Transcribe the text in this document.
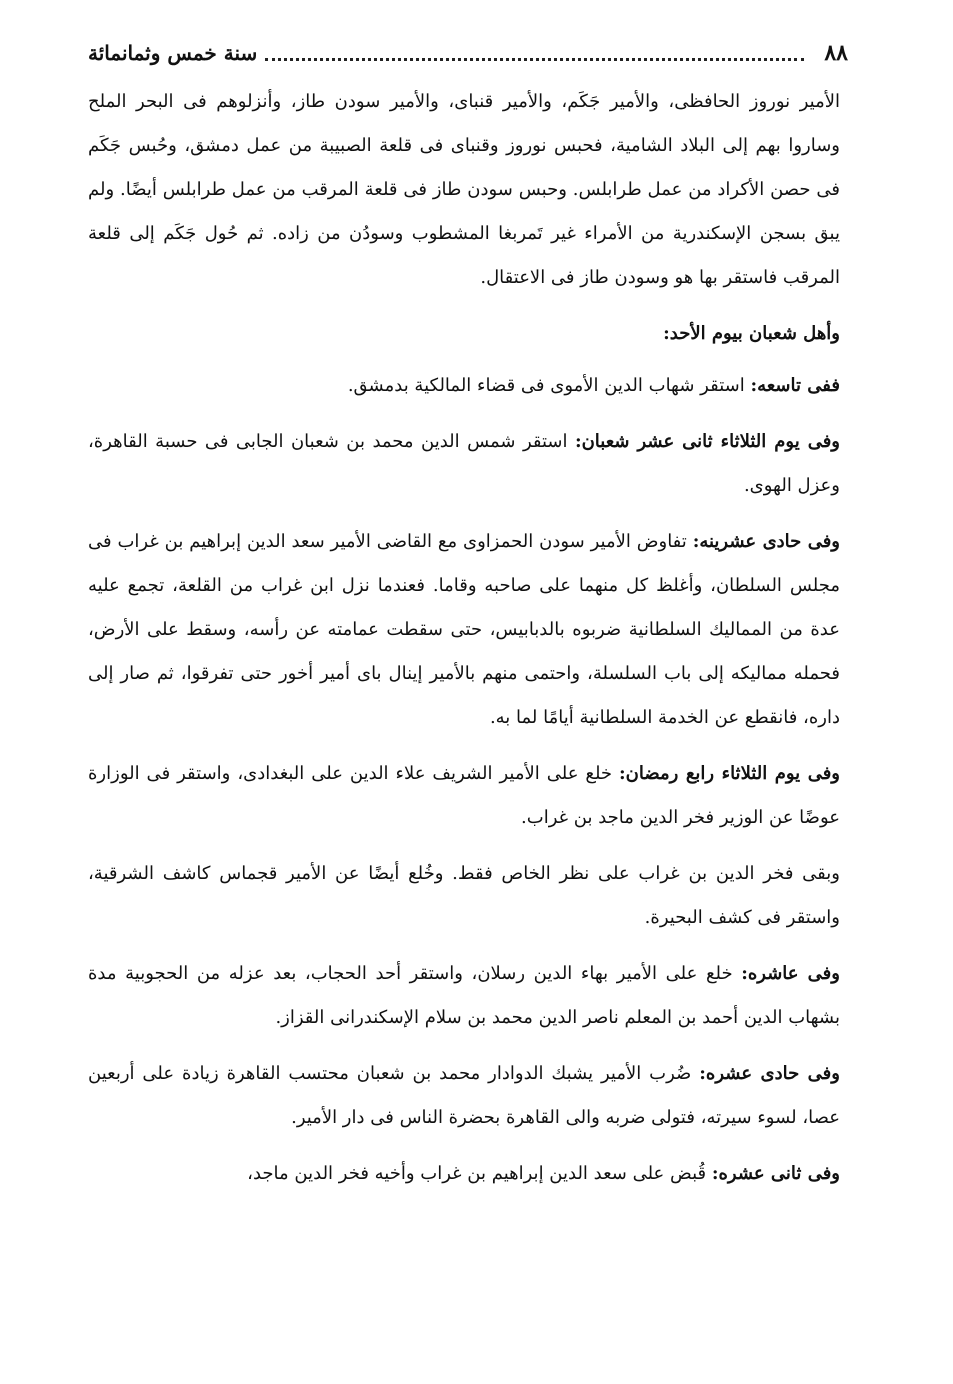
٨٨
سنة خمس وثمانمائة

الأمير نوروز الحافظى، والأمير جَكَم، والأمير قنباى، والأمير سودن طاز، وأنزلوهم فى البحر الملح وساروا بهم إلى البلاد الشامية، فحبس نوروز وقنباى فى قلعة الصبيبة من عمل دمشق، وحُبس جَكَم فى حصن الأكراد من عمل طرابلس. وحبس سودن طاز فى قلعة المرقب من عمل طرابلس أيضًا. ولم يبق بسجن الإسكندرية من الأمراء غير تَمربغا المشطوب وسودُن من زاده. ثم حُول جَكَم إلى قلعة المرقب فاستقر بها هو وسودن طاز فى الاعتقال.

وأهل شعبان بيوم الأحد:

ففى تاسعه: استقر شهاب الدين الأموى فى قضاء المالكية بدمشق.

وفى يوم الثلاثاء ثانى عشر شعبان: استقر شمس الدين محمد بن شعبان الجابى فى حسبة القاهرة، وعزل الهوى.

وفى حادى عشرينه: تفاوض الأمير سودن الحمزاوى مع القاضى الأمير سعد الدين إبراهيم بن غراب فى مجلس السلطان، وأغلظ كل منهما على صاحبه وقاما. فعندما نزل ابن غراب من القلعة، تجمع عليه عدة من المماليك السلطانية ضربوه بالدبابيس، حتى سقطت عمامته عن رأسه، وسقط على الأرض، فحمله مماليكه إلى باب السلسلة، واحتمى منهم بالأمير إينال باى أمير أخور حتى تفرقوا، ثم صار إلى داره، فانقطع عن الخدمة السلطانية أيامًا لما به.

وفى يوم الثلاثاء رابع رمضان: خلع على الأمير الشريف علاء الدين على البغدادى، واستقر فى الوزارة عوضًا عن الوزير فخر الدين ماجد بن غراب.

وبقى فخر الدين بن غراب على نظر الخاص فقط. وخُلع أيضًا عن الأمير قجماس كاشف الشرقية، واستقر فى كشف البحيرة.

وفى عاشره: خلع على الأمير بهاء الدين رسلان، واستقر أحد الحجاب، بعد عزله من الحجوبية مدة بشهاب الدين أحمد بن المعلم ناصر الدين محمد بن سلام الإسكندرانى القزاز.

وفى حادى عشره: ضُرب الأمير يشبك الدوادار محمد بن شعبان محتسب القاهرة زيادة على أربعين عصا، لسوء سيرته، فتولى ضربه والى القاهرة بحضرة الناس فى دار الأمير.

وفى ثانى عشره: قُبض على سعد الدين إبراهيم بن غراب وأخيه فخر الدين ماجد،
